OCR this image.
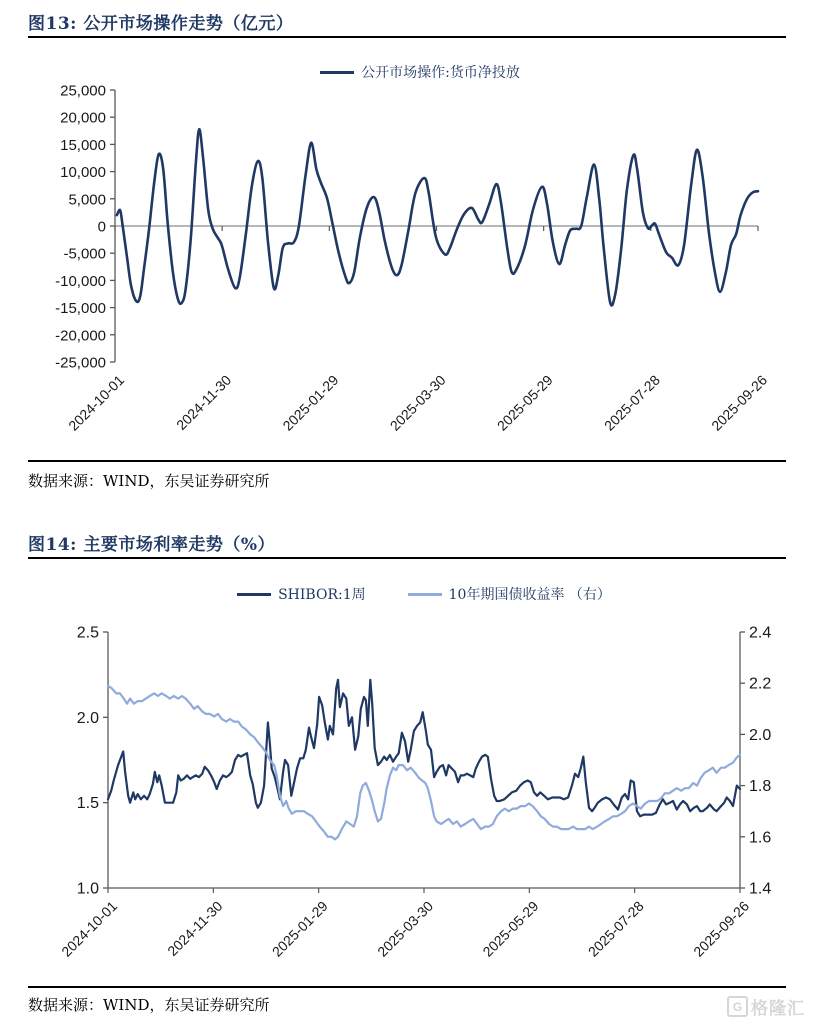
-25,000
-20,000
-15,000
-10,000
-5,000
0
5,000
10,000
15,000
20,000
25,000
2024-10-01	2024-11-30	2025-01-29	2025-03-30	2025-05-29	2025-07-28	2025-09-26
1.0
1.5
2.0
2.5
1.4
1.6
1.8
2.0
2.2
2.4
2024-10-01	2024-11-30	2025-01-29	2025-03-30	2025-05-29	2025-07-28	2025-09-26
图13: 公开市场操作走势（亿元）
公开市场操作:货币净投放
数据来源：WIND，东吴证券研究所
图14: 主要市场利率走势（%）
SHIBOR:1周	10年期国债收益率 （右）
数据来源：WIND，东吴证券研究所	G 格隆汇
